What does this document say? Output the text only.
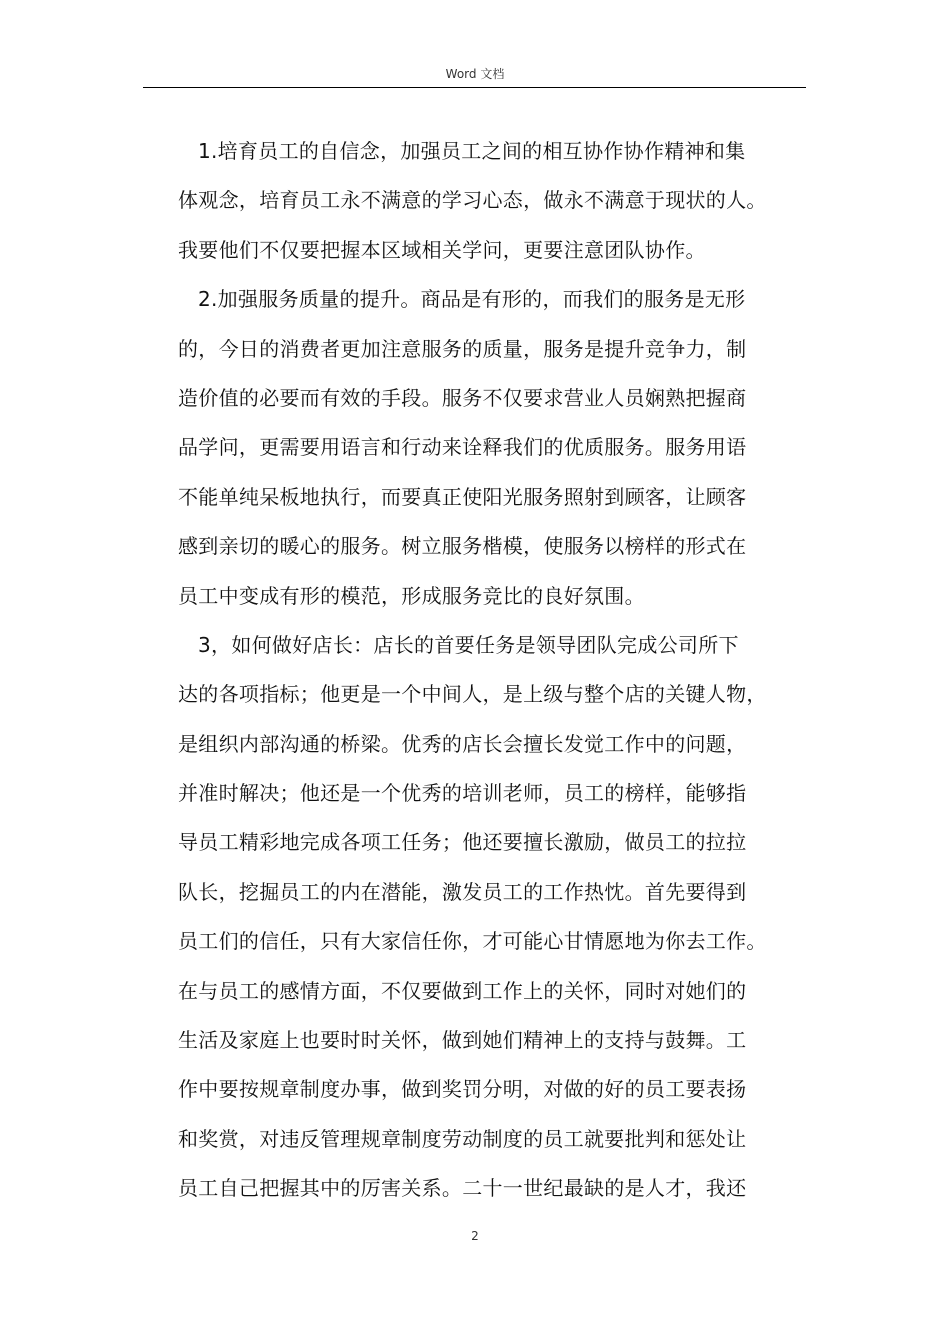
Word 文档
1.培育员工的自信念，加强员工之间的相互协作协作精神和集
体观念，培育员工永不满意的学习心态，做永不满意于现状的人。
我要他们不仅要把握本区域相关学问，更要注意团队协作。
2.加强服务质量的提升。商品是有形的，而我们的服务是无形
的，今日的消费者更加注意服务的质量，服务是提升竞争力，制
造价值的必要而有效的手段。服务不仅要求营业人员娴熟把握商
品学问，更需要用语言和行动来诠释我们的优质服务。服务用语
不能单纯呆板地执行，而要真正使阳光服务照射到顾客，让顾客
感到亲切的暖心的服务。树立服务楷模，使服务以榜样的形式在
员工中变成有形的模范，形成服务竞比的良好氛围。
3，如何做好店长：店长的首要任务是领导团队完成公司所下
达的各项指标；他更是一个中间人，是上级与整个店的关键人物，
是组织内部沟通的桥梁。优秀的店长会擅长发觉工作中的问题，
并准时解决；他还是一个优秀的培训老师，员工的榜样，能够指
导员工精彩地完成各项工任务；他还要擅长激励，做员工的拉拉
队长，挖掘员工的内在潜能，激发员工的工作热忱。首先要得到
员工们的信任，只有大家信任你，才可能心甘情愿地为你去工作。
在与员工的感情方面，不仅要做到工作上的关怀，同时对她们的
生活及家庭上也要时时关怀，做到她们精神上的支持与鼓舞。工
作中要按规章制度办事，做到奖罚分明，对做的好的员工要表扬
和奖赏，对违反管理规章制度劳动制度的员工就要批判和惩处让
员工自己把握其中的厉害关系。二十一世纪最缺的是人才，我还
2
